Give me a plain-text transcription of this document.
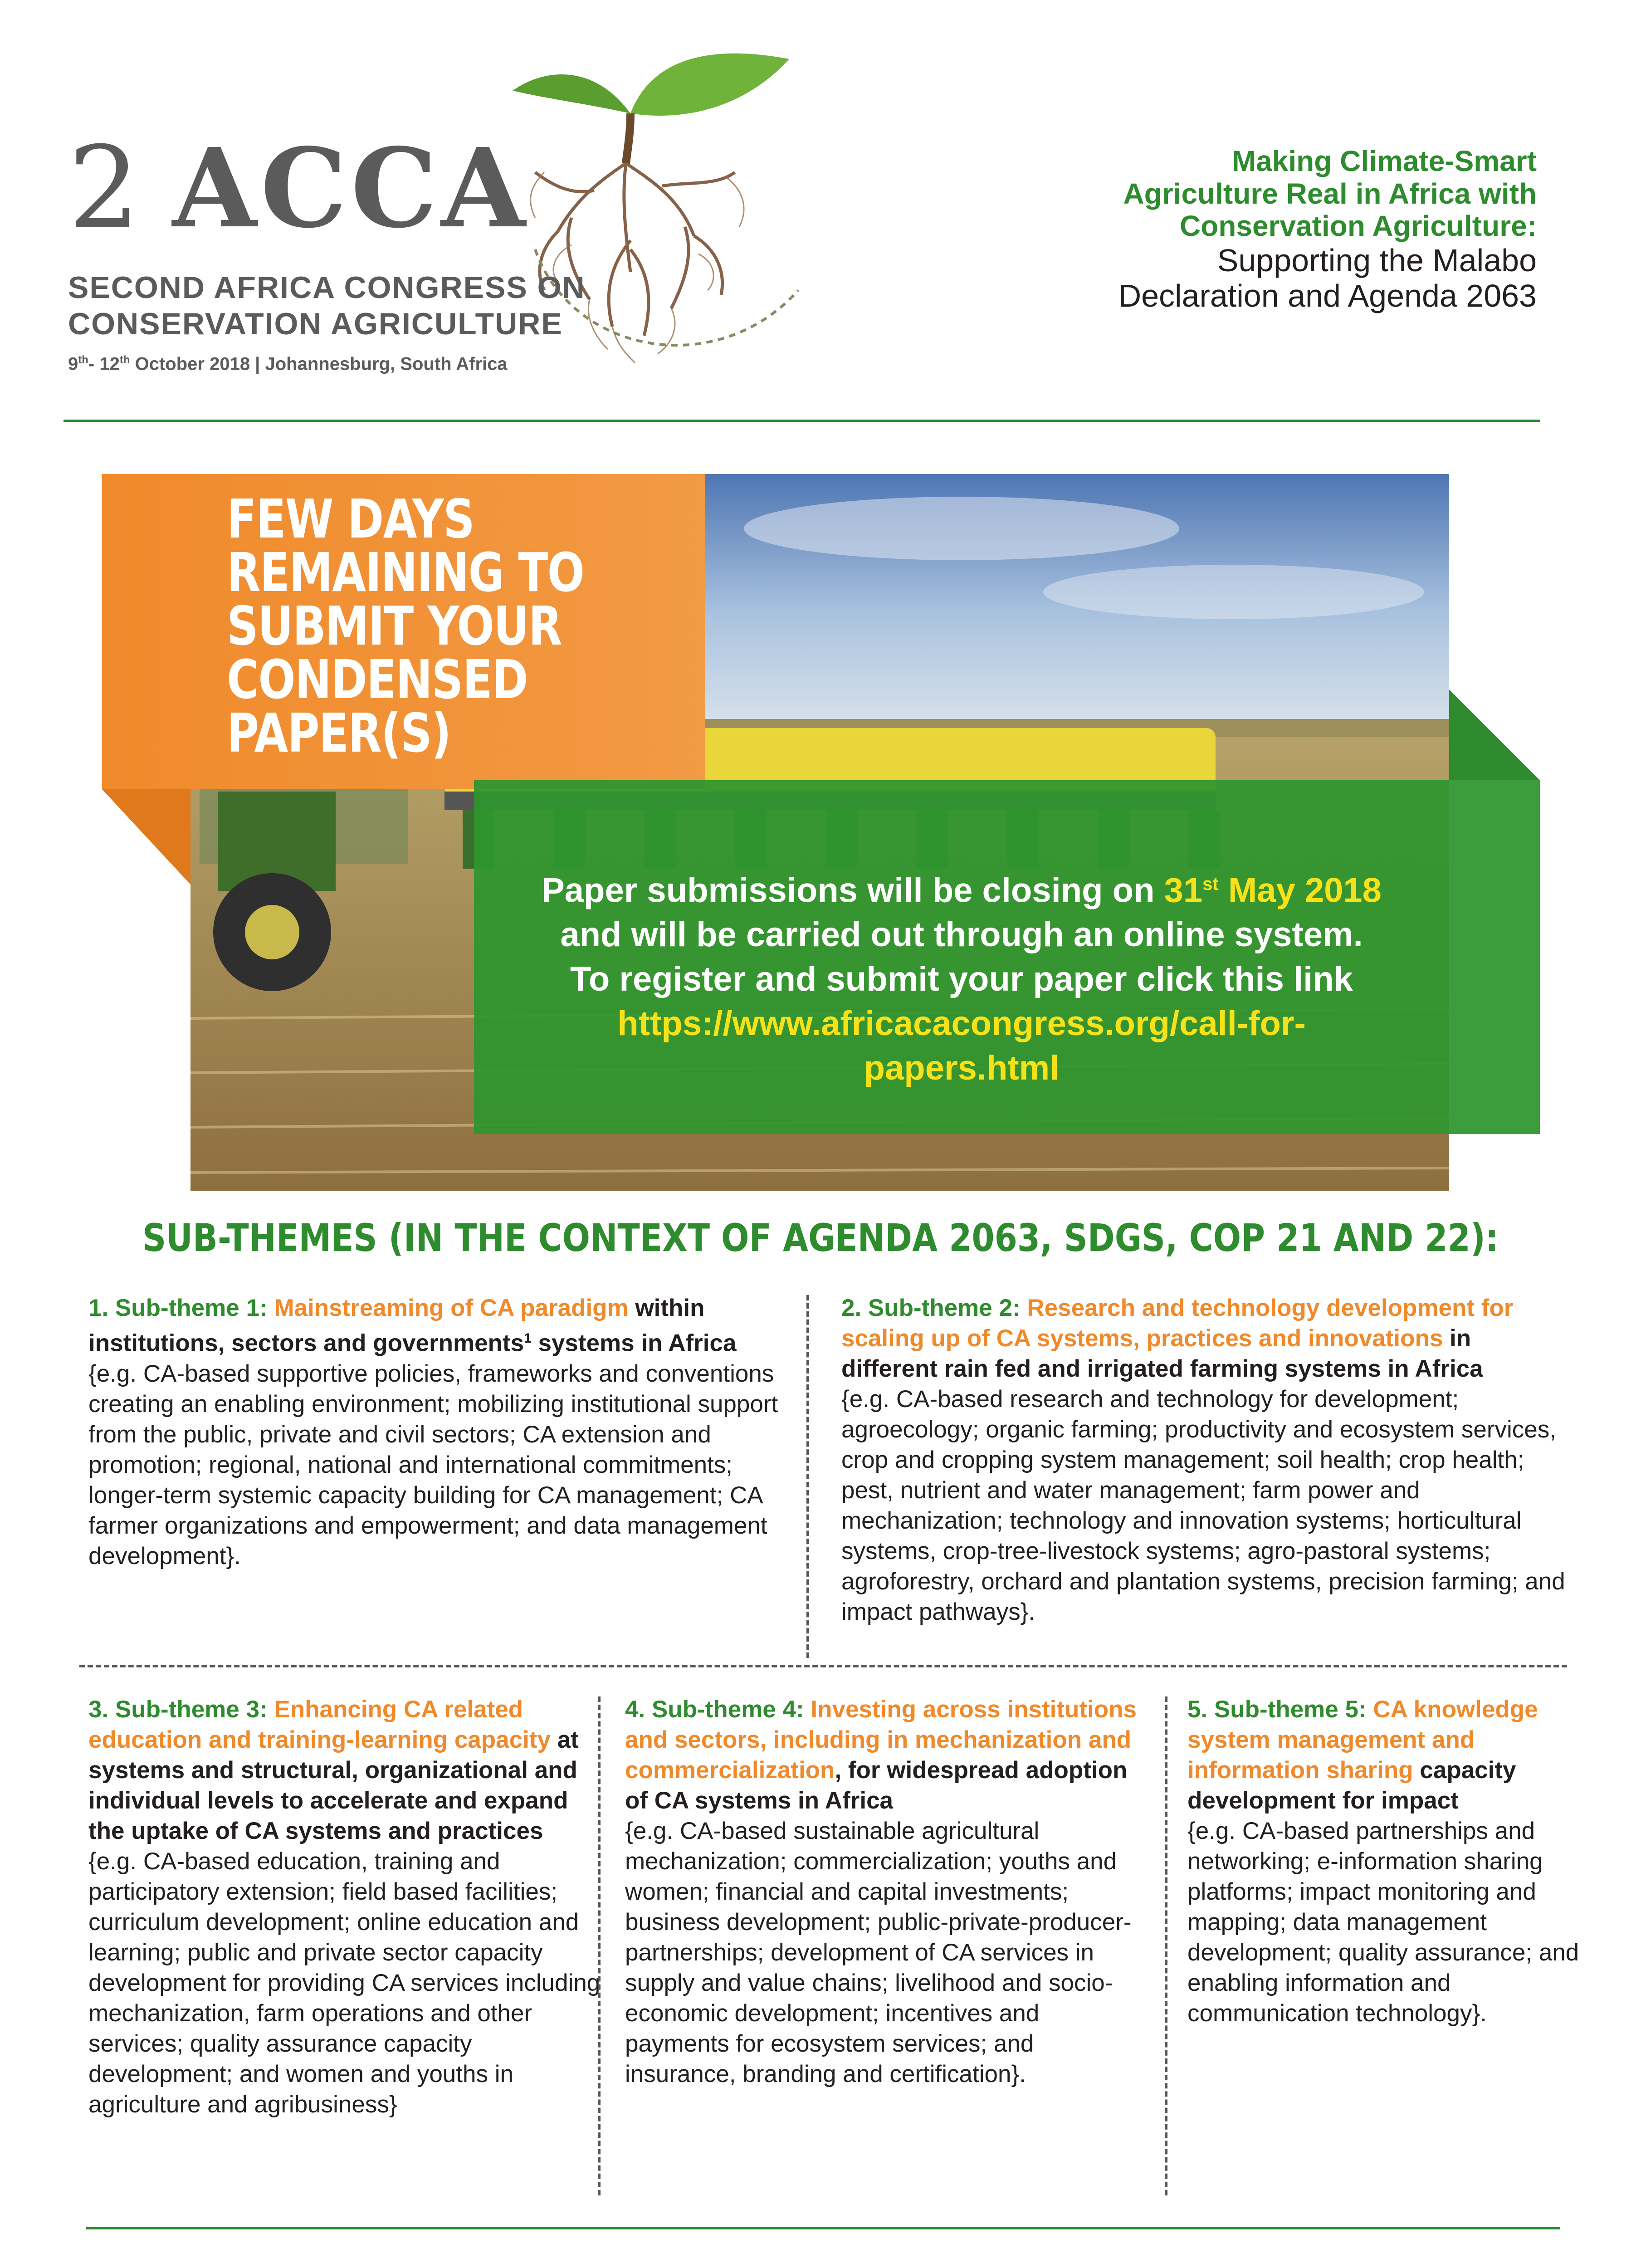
2 ACCA
SECOND AFRICA CONGRESS ON
CONSERVATION AGRICULTURE
9th- 12th October 2018 | Johannesburg, South Africa
Making Climate-Smart
Agriculture Real in Africa with
Conservation Agriculture:
Supporting the Malabo
Declaration and Agenda 2063
FEW DAYS
REMAINING TO
SUBMIT YOUR
CONDENSED
PAPER(S)
Paper submissions will be closing on 31st May 2018
and will be carried out through an online system.
To register and submit your paper click this link
https://www.africacacongress.org/call-for-
papers.html
SUB-THEMES (IN THE CONTEXT OF AGENDA 2063, SDGS, COP 21 AND 22):
1. Sub-theme 1: Mainstreaming of CA paradigm within institutions, sectors and governments$^1$ systems in Africa
{e.g. CA-based supportive policies, frameworks and conventions creating an enabling environment; mobilizing institutional support from the public, private and civil sectors; CA extension and promotion; regional, national and international commitments; longer-term systemic capacity building for CA management; CA farmer organizations and empowerment; and data management development}.
2. Sub-theme 2: Research and technology development for scaling up of CA systems, practices and innovations in different rain fed and irrigated farming systems in Africa
{e.g. CA-based research and technology for development; agroecology; organic farming; productivity and ecosystem services, crop and cropping system management; soil health; crop health; pest, nutrient and water management; farm power and mechanization; technology and innovation systems; horticultural systems, crop-tree-livestock systems; agro-pastoral systems; agroforestry, orchard and plantation systems, precision farming; and impact pathways}.
3. Sub-theme 3: Enhancing CA related education and training-learning capacity at systems and structural, organizational and individual levels to accelerate and expand the uptake of CA systems and practices
{e.g. CA-based education, training and participatory extension; field based facilities; curriculum development; online education and learning; public and private sector capacity development for providing CA services including mechanization, farm operations and other services; quality assurance capacity development; and women and youths in agriculture and agribusiness}
4. Sub-theme 4: Investing across institutions and sectors, including in mechanization and commercialization, for widespread adoption of CA systems in Africa
{e.g. CA-based sustainable agricultural mechanization; commercialization; youths and women; financial and capital investments; business development; public-private-producer-partnerships; development of CA services in supply and value chains; livelihood and socio-economic development; incentives and payments for ecosystem services; and insurance, branding and certification}.
5. Sub-theme 5: CA knowledge system management and information sharing capacity development for impact
{e.g. CA-based partnerships and networking; e-information sharing platforms; impact monitoring and mapping; data management development; quality assurance; and enabling information and communication technology}.
